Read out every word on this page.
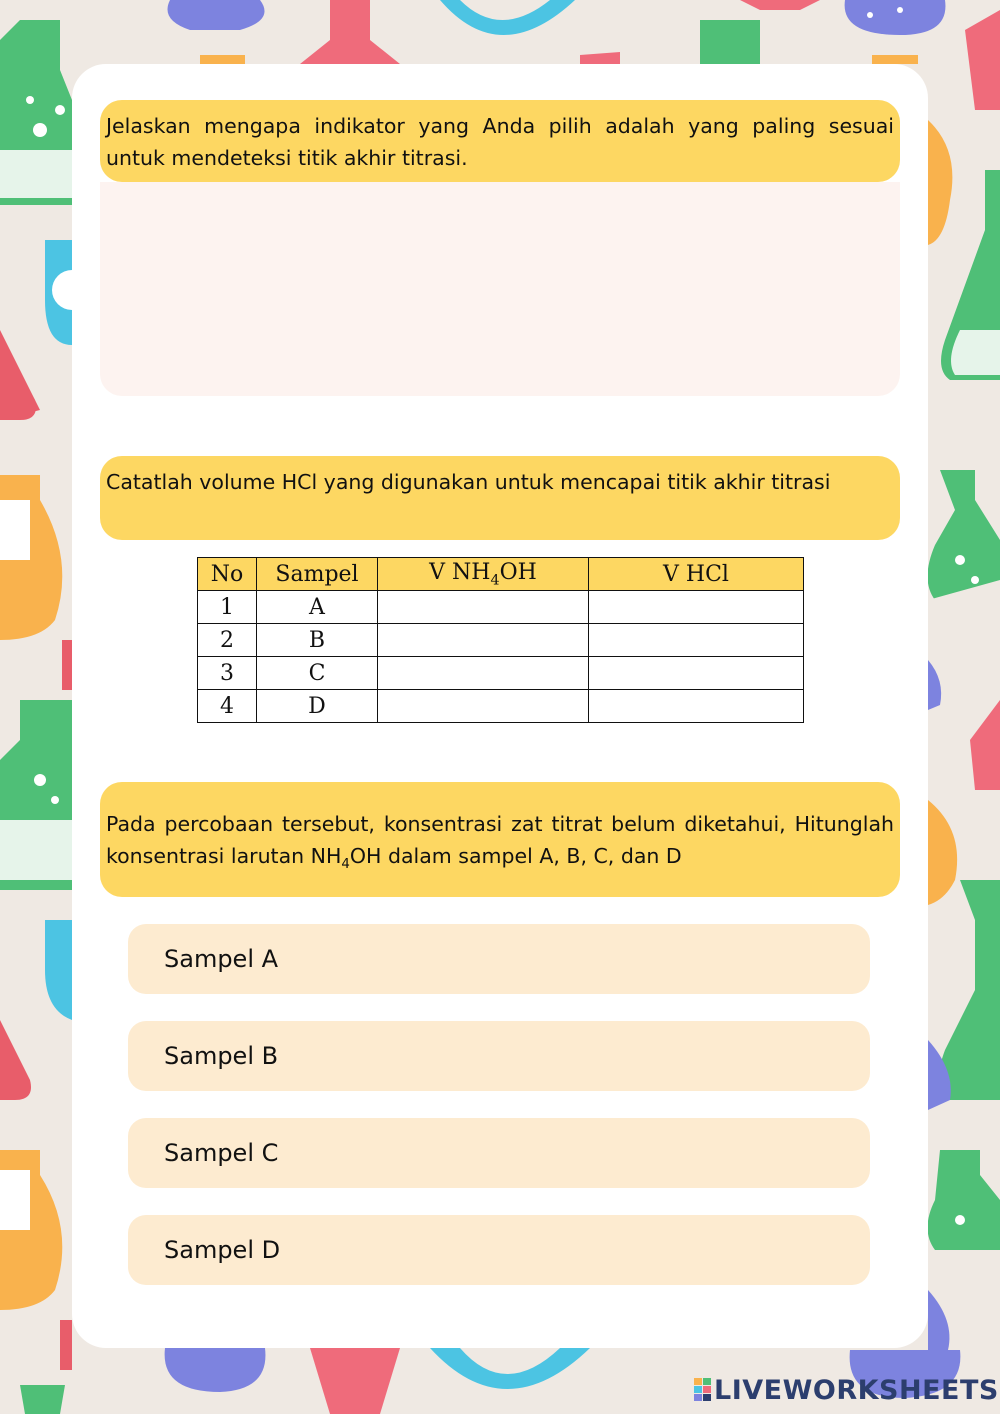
Jelaskan mengapa indikator yang Anda pilih adalah yang paling sesuai untuk mendeteksi titik akhir titrasi.
Catatlah volume HCl yang digunakan untuk mencapai titik akhir titrasi
No	Sampel	V $NH_4OH$	V HCl
1	A		
2	B		
3	C		
4	D		
Pada percobaan tersebut, konsentrasi zat titrat belum diketahui, Hitunglah konsentrasi larutan $NH_4OH$ dalam sampel A, B, C, dan D
Sampel A
Sampel B
Sampel C
Sampel D
LIVEWORKSHEETS
